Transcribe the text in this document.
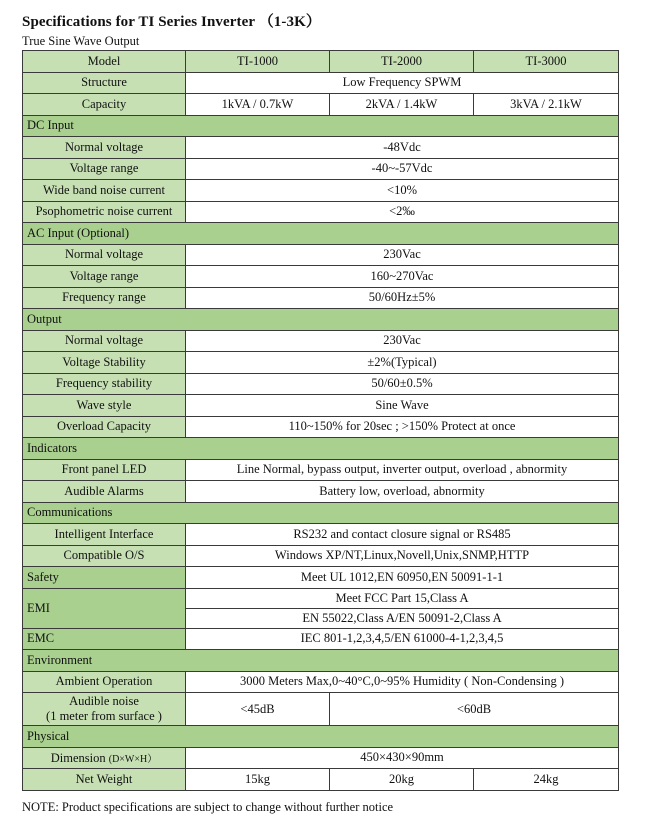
Specifications for TI Series Inverter （1-3K）
True Sine Wave Output
Model	TI-1000	TI-2000	TI-3000
Structure	Low Frequency SPWM		
Capacity	1kVA / 0.7kW	2kVA / 1.4kW	3kVA / 2.1kW
DC Input			
Normal voltage	-48Vdc		
Voltage range	-40~-57Vdc		
Wide band noise current	<10%		
Psophometric noise current	<2‰		
AC Input (Optional)			
Normal voltage	230Vac		
Voltage range	160~270Vac		
Frequency range	50/60Hz±5%		
Output			
Normal voltage	230Vac		
Voltage Stability	±2%(Typical)		
Frequency stability	50/60±0.5%		
Wave style	Sine Wave		
Overload Capacity	110~150% for 20sec ; >150% Protect at once		
Indicators			
Front panel LED	Line Normal, bypass output, inverter output, overload , abnormity		
Audible Alarms	Battery low, overload, abnormity		
Communications			
Intelligent Interface	RS232 and contact closure signal or RS485		
Compatible O/S	Windows XP/NT,Linux,Novell,Unix,SNMP,HTTP		
Safety	Meet UL 1012,EN 60950,EN 50091-1-1		
EMI	Meet FCC Part 15,Class A		
	EN 55022,Class A/EN 50091-2,Class A		
EMC	IEC 801-1,2,3,4,5/EN 61000-4-1,2,3,4,5		
Environment			
Ambient Operation	3000 Meters Max,0~40°C,0~95% Humidity ( Non-Condensing )		

Audible noise
(1 meter from surface )	<45dB	<60dB	
Physical			
Dimension (D×W×H）	450×430×90mm		
Net Weight	15kg	20kg	24kg
NOTE: Product specifications are subject to change without further notice
